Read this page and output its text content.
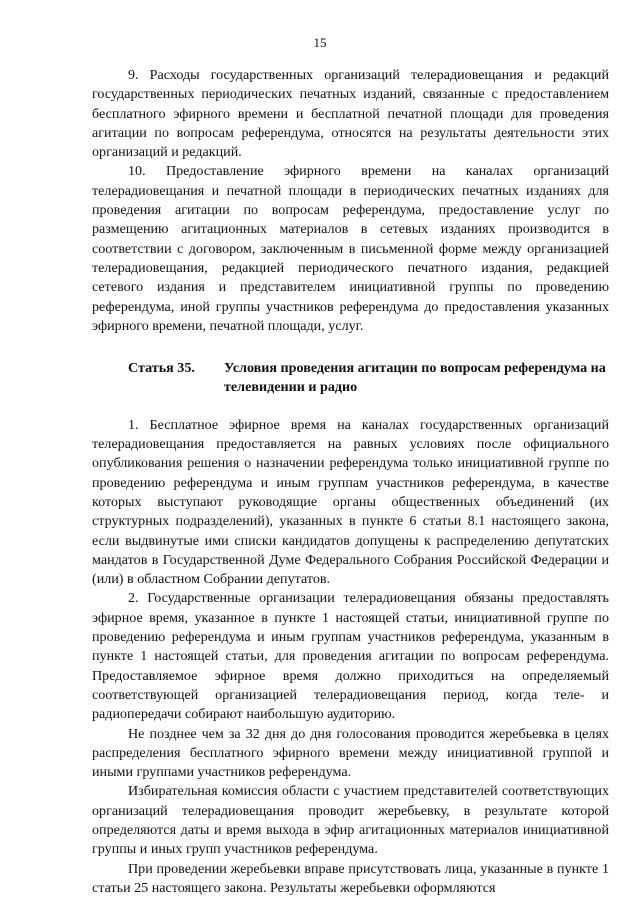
15

9. Расходы государственных организаций телерадиовещания и редакций государственных периодических печатных изданий, связанные с предоставлением бесплатного эфирного времени и бесплатной печатной площади для проведения агитации по вопросам референдума, относятся на результаты деятельности этих организаций и редакций.

10. Предоставление эфирного времени на каналах организаций телерадиовещания и печатной площади в периодических печатных изданиях для проведения агитации по вопросам референдума, предоставление услуг по размещению агитационных материалов в сетевых изданиях производится в соответствии с договором, заключенным в письменной форме между организацией телерадиовещания, редакцией периодического печатного издания, редакцией сетевого издания и представителем инициативной группы по проведению референдума, иной группы участников референдума до предоставления указанных эфирного времени, печатной площади, услуг.

Статья 35.	Условия проведения агитации по вопросам референдума на телевидении и радио

1. Бесплатное эфирное время на каналах государственных организаций телерадиовещания предоставляется на равных условиях после официального опубликования решения о назначении референдума только инициативной группе по проведению референдума и иным группам участников референдума, в качестве которых выступают руководящие органы общественных объединений (их структурных подразделений), указанных в пункте 6 статьи 8.1 настоящего закона, если выдвинутые ими списки кандидатов допущены к распределению депутатских мандатов в Государственной Думе Федерального Собрания Российской Федерации и (или) в областном Собрании депутатов.

2. Государственные организации телерадиовещания обязаны предоставлять эфирное время, указанное в пункте 1 настоящей статьи, инициативной группе по проведению референдума и иным группам участников референдума, указанным в пункте 1 настоящей статьи, для проведения агитации по вопросам референдума. Предоставляемое эфирное время должно приходиться на определяемый соответствующей организацией телерадиовещания период, когда теле- и радиопередачи собирают наибольшую аудиторию.

Не позднее чем за 32 дня до дня голосования проводится жеребьевка в целях распределения бесплатного эфирного времени между инициативной группой и иными группами участников референдума.

Избирательная комиссия области с участием представителей соответствующих организаций телерадиовещания проводит жеребьевку, в результате которой определяются даты и время выхода в эфир агитационных материалов инициативной группы и иных групп участников референдума.

При проведении жеребьевки вправе присутствовать лица, указанные в пункте 1 статьи 25 настоящего закона. Результаты жеребьевки оформляются
